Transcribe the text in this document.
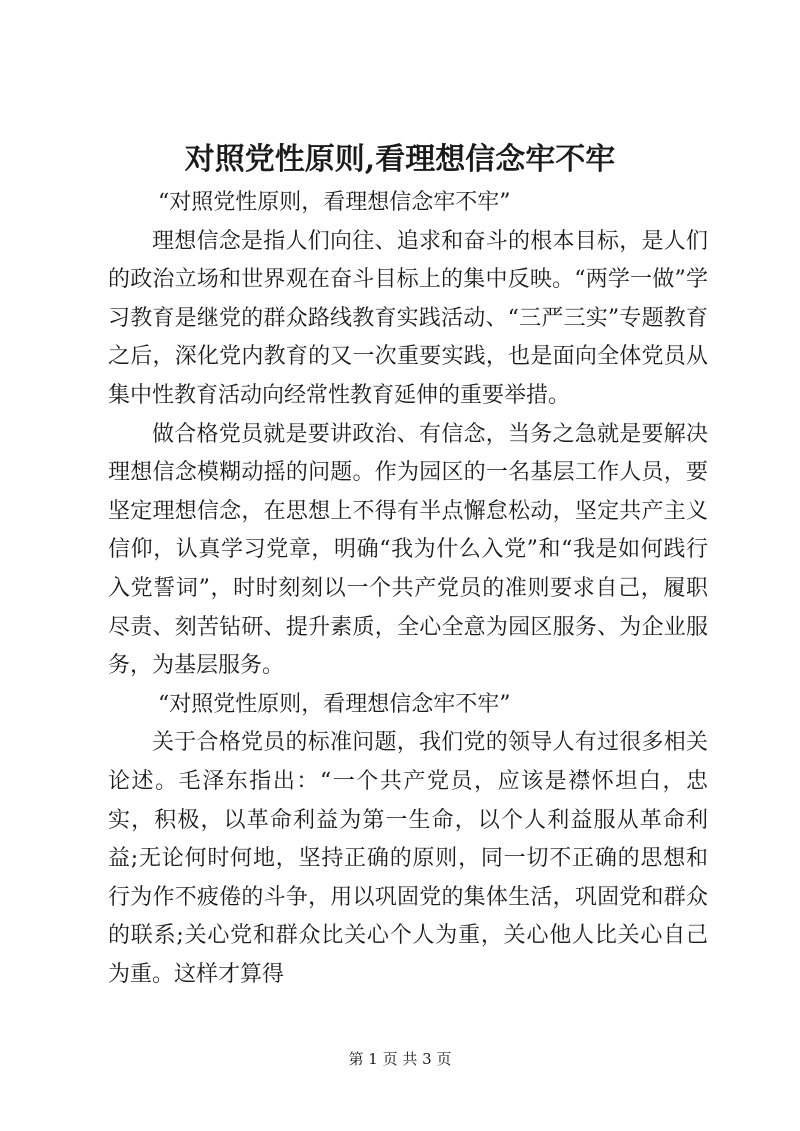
对照党性原则,看理想信念牢不牢

“对照党性原则，看理想信念牢不牢”

理想信念是指人们向往、追求和奋斗的根本目标，是人们的政治立场和世界观在奋斗目标上的集中反映。“两学一做”学习教育是继党的群众路线教育实践活动、“三严三实”专题教育之后，深化党内教育的又一次重要实践，也是面向全体党员从集中性教育活动向经常性教育延伸的重要举措。

做合格党员就是要讲政治、有信念，当务之急就是要解决理想信念模糊动摇的问题。作为园区的一名基层工作人员，要坚定理想信念，在思想上不得有半点懈怠松动，坚定共产主义信仰，认真学习党章，明确“我为什么入党”和“我是如何践行入党誓词”，时时刻刻以一个共产党员的准则要求自己，履职尽责、刻苦钻研、提升素质，全心全意为园区服务、为企业服务，为基层服务。

“对照党性原则，看理想信念牢不牢”

关于合格党员的标准问题，我们党的领导人有过很多相关论述。毛泽东指出：“一个共产党员，应该是襟怀坦白，忠实，积极，以革命利益为第一生命，以个人利益服从革命利益;无论何时何地，坚持正确的原则，同一切不正确的思想和行为作不疲倦的斗争，用以巩固党的集体生活，巩固党和群众的联系;关心党和群众比关心个人为重，关心他人比关心自己为重。这样才算得

第 1 页 共 3 页
